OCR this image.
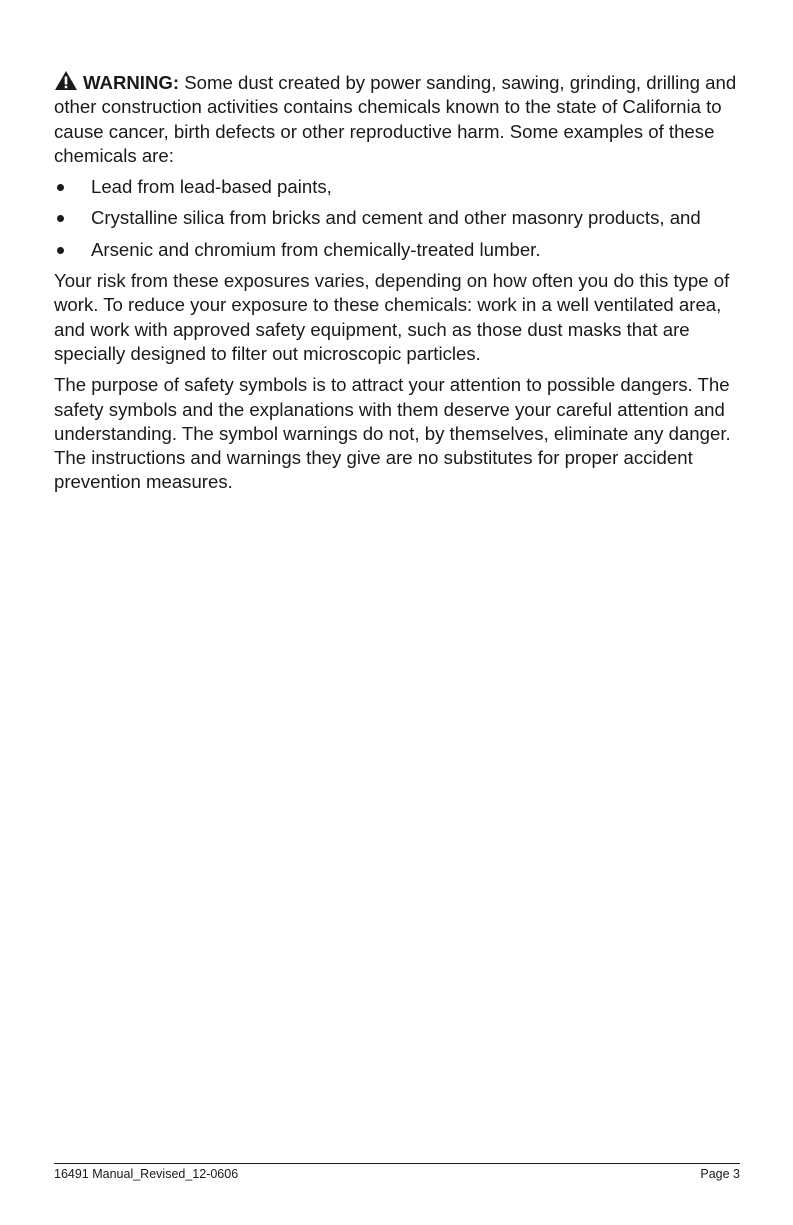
WARNING: Some dust created by power sanding, sawing, grinding, drilling and other construction activities contains chemicals known to the state of California to cause cancer, birth defects or other reproductive harm. Some examples of these chemicals are:

Lead from lead-based paints,
Crystalline silica from bricks and cement and other masonry products, and
Arsenic and chromium from chemically-treated lumber.

Your risk from these exposures varies, depending on how often you do this type of work. To reduce your exposure to these chemicals: work in a well ventilated area, and work with approved safety equipment, such as those dust masks that are specially designed to filter out microscopic particles.

The purpose of safety symbols is to attract your attention to possible dangers. The safety symbols and the explanations with them deserve your careful attention and understanding. The symbol warnings do not, by themselves, eliminate any danger. The instructions and warnings they give are no substitutes for proper accident prevention measures.

16491 Manual_Revised_12-0606	Page 3
